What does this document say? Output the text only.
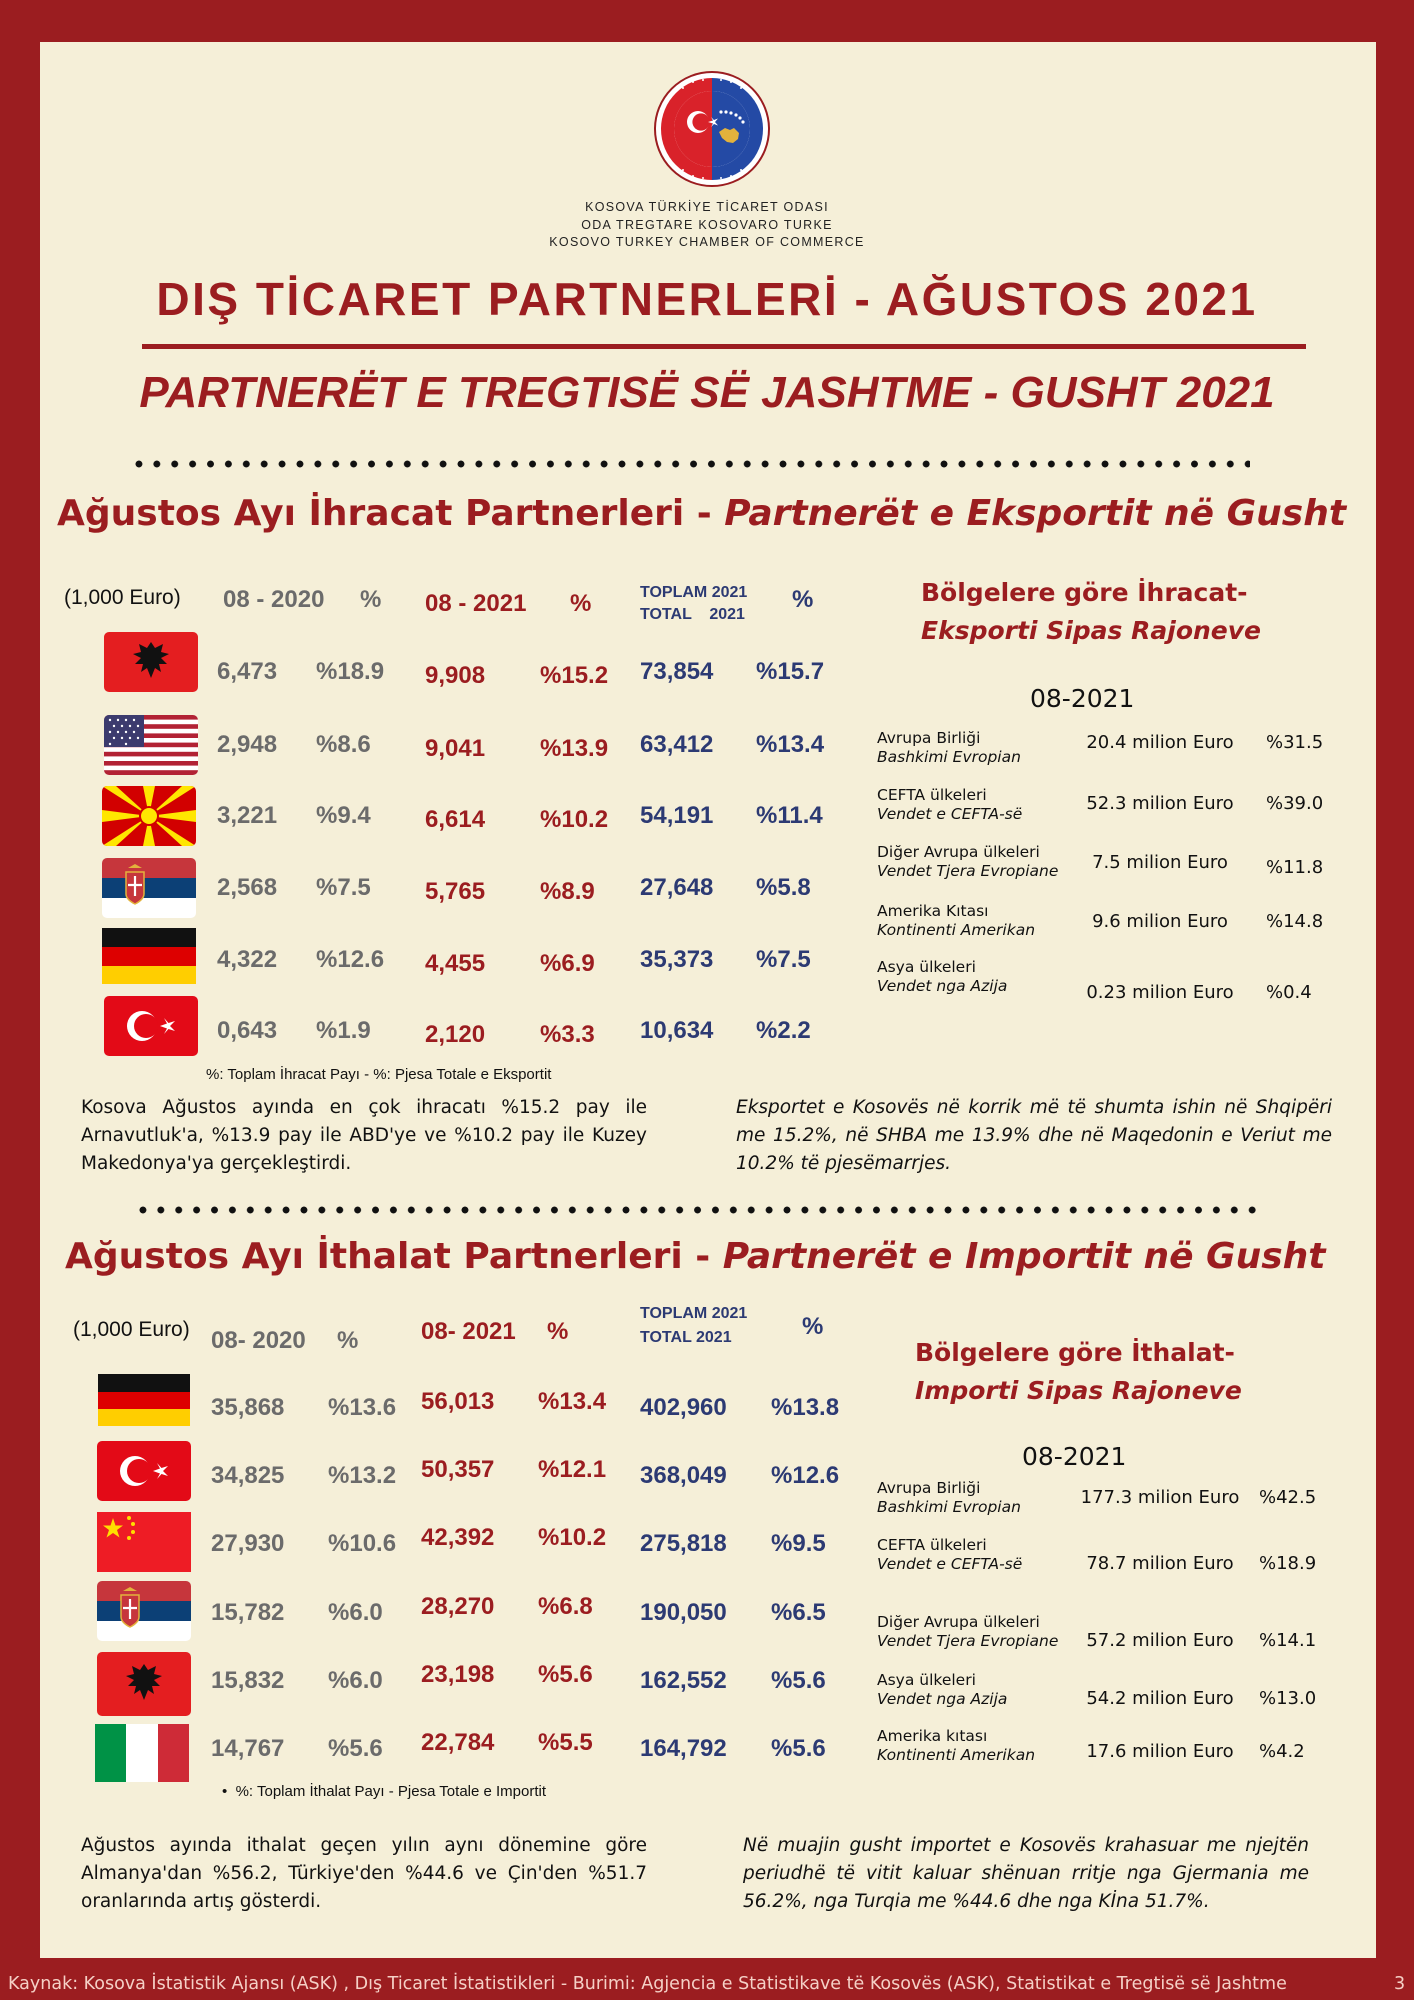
KOSOVA TÜRKİYE TİCARET ODASI
ODA TREGTARE KOSOVARO TURKE
KOSOVO TURKEY CHAMBER OF COMMERCE
DIŞ TİCARET PARTNERLERİ - AĞUSTOS 2021
PARTNERËT E TREGTISË SË JASHTME - GUSHT 2021
Ağustos Ayı İhracat Partnerleri - Partnerët e Eksportit në Gusht
(1,000 Euro) 08 - 2020 % 08 - 2021 %	TOPLAM 2021
TOTAL    2021
%
6,473 %18.9 9,908 %15.2 73,854 %15.7
2,948 %8.6 9,041 %13.9 63,412 %13.4
3,221 %9.4 6,614 %10.2 54,191 %11.4
2,568 %7.5 5,765 %8.9 27,648 %5.8
4,322 %12.6 4,455 %6.9 35,373 %7.5
0,643 %1.9 2,120 %3.3 10,634 %2.2
%: Toplam İhracat Payı - %: Pjesa Totale e Eksportit
Kosova Ağustos ayında en çok ihracatı %15.2 pay ile Arnavutluk'a, %13.9 pay ile ABD'ye ve %10.2 pay ile Kuzey Makedonya'ya gerçekleştirdi.
Eksportet e Kosovës në korrik më të shumta ishin në Shqipëri me 15.2%, në SHBA me 13.9% dhe në Maqedonin e Veriut me 10.2% të pjesëmarrjes.
Bölgelere göre İhracat-
Eksporti Sipas Rajoneve
08-2021
Avrupa Birliği
Bashkimi Evropian
20.4 milion Euro	%31.5
CEFTA ülkeleri
Vendet e CEFTA-së	52.3 milion Euro	%39.0
Diğer Avrupa ülkeleri
Vendet Tjera Evropiane	7.5 milion Euro	%11.8
Amerika Kıtası
Kontinenti Amerikan	9.6 milion Euro	%14.8
Asya ülkeleri
Vendet nga Azija	0.23 milion Euro	%0.4
Ağustos Ayı İthalat Partnerleri - Partnerët e Importit në Gusht
(1,000 Euro) 08- 2020 %	08- 2021 %
TOPLAM 2021
TOTAL 2021	%
35,868 %13.6 56,013 %13.4 402,960 %13.8
34,825 %13.2 50,357 %12.1 368,049 %12.6
27,930 %10.6 42,392 %10.2 275,818 %9.5
15,782 %6.0 28,270 %6.8 190,050 %6.5
15,832 %6.0 23,198 %5.6 162,552 %5.6
14,767 %5.6 22,784 %5.5 164,792 %5.6
•  %: Toplam İthalat Payı - Pjesa Totale e Importit
Ağustos ayında ithalat geçen yılın aynı dönemine göre Almanya'dan %56.2, Türkiye'den %44.6 ve Çin'den %51.7 oranlarında artış gösterdi.
Në muajin gusht importet e Kosovës krahasuar me njejtën periudhë të vitit kaluar shënuan rritje nga Gjermania me 56.2%, nga Turqia me %44.6 dhe nga Kİna 51.7%.
Bölgelere göre İthalat-
Importi Sipas Rajoneve
08-2021
Avrupa Birliği
Bashkimi Evropian	177.3 milion Euro	%42.5
CEFTA ülkeleri
Vendet e CEFTA-së	78.7 milion Euro	%18.9
Diğer Avrupa ülkeleri
Vendet Tjera Evropiane	57.2 milion Euro	%14.1
Asya ülkeleri
Vendet nga Azija	54.2 milion Euro	%13.0
Amerika kıtası
Kontinenti Amerikan	17.6 milion Euro	%4.2
Kaynak: Kosova İstatistik Ajansı (ASK) , Dış Ticaret İstatistikleri - Burimi: Agjencia e Statistikave të Kosovës (ASK), Statistikat e Tregtisë së Jashtme	3
